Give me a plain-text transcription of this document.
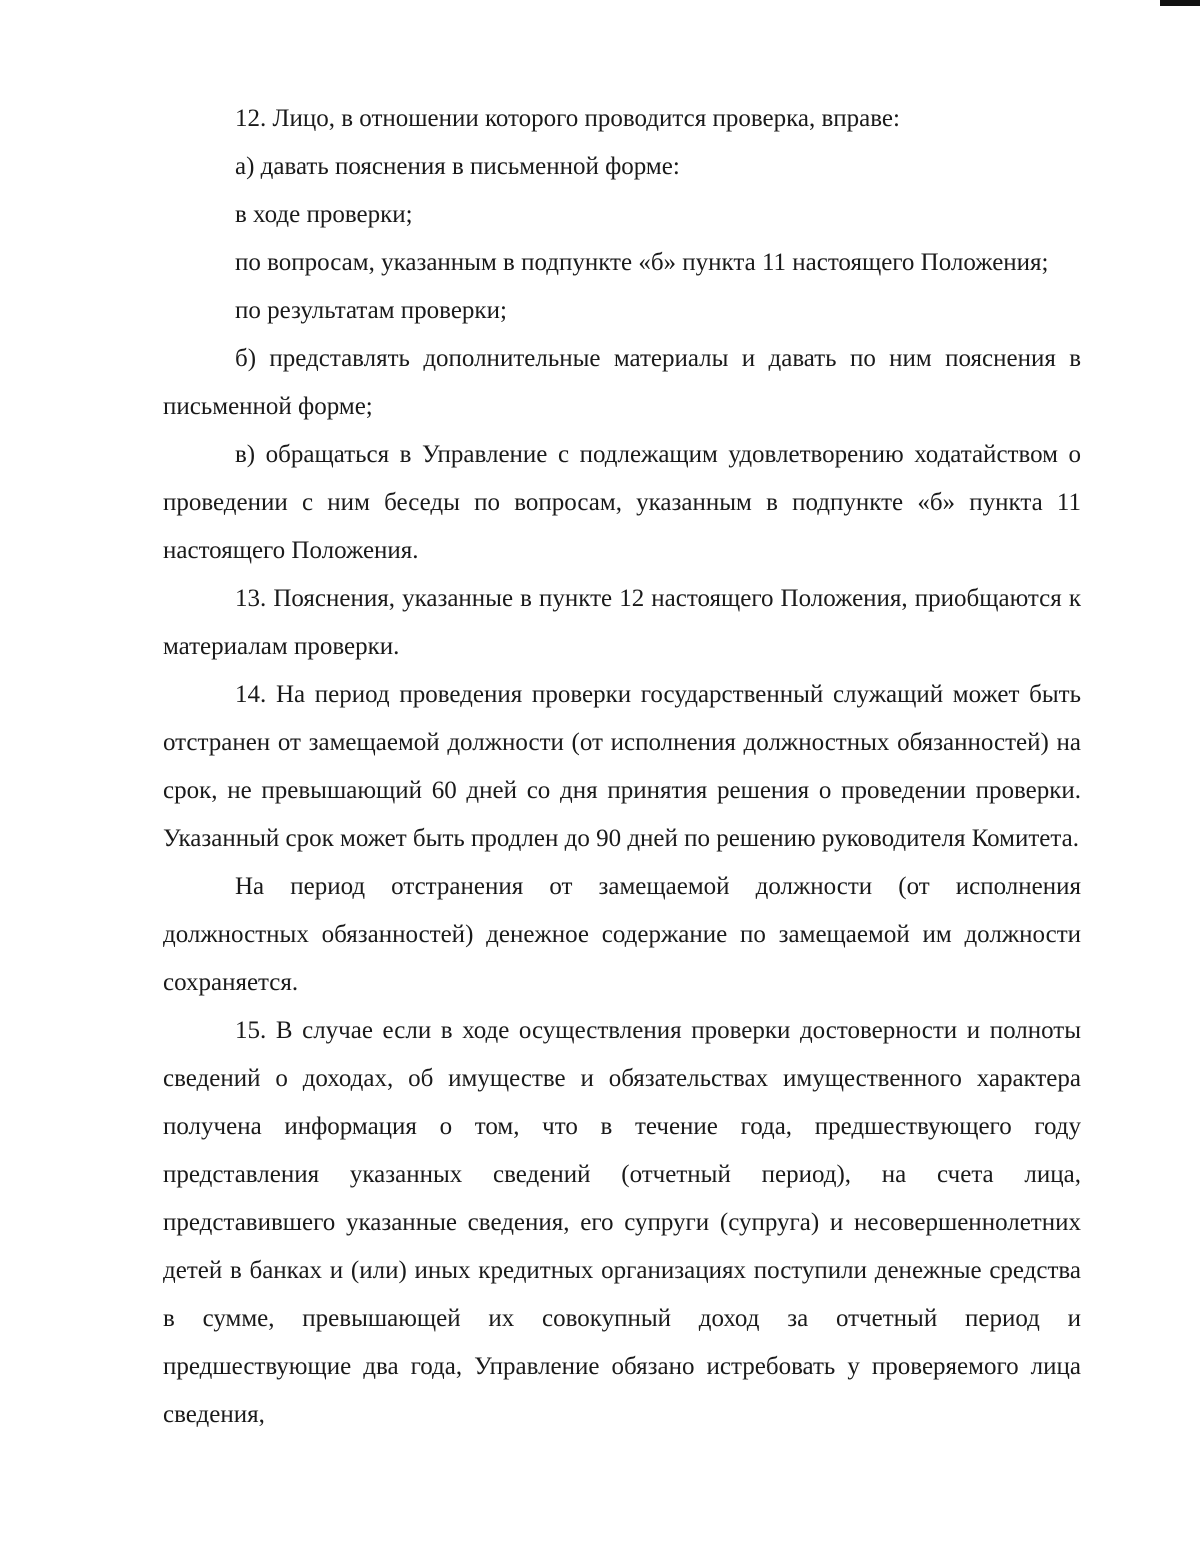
12. Лицо, в отношении которого проводится проверка, вправе:

а) давать пояснения в письменной форме:

в ходе проверки;

по вопросам, указанным в подпункте «б» пункта 11 настоящего Положения;

по результатам проверки;

б) представлять дополнительные материалы и давать по ним пояснения в письменной форме;

в) обращаться в Управление с подлежащим удовлетворению ходатайством о проведении с ним беседы по вопросам, указанным в подпункте «б» пункта 11 настоящего Положения.

13. Пояснения, указанные в пункте 12 настоящего Положения, приобщаются к материалам проверки.

14. На период проведения проверки государственный служащий может быть отстранен от замещаемой должности (от исполнения должностных обязанностей) на срок, не превышающий 60 дней со дня принятия решения о проведении проверки. Указанный срок может быть продлен до 90 дней по решению руководителя Комитета.

На период отстранения от замещаемой должности (от исполнения должностных обязанностей) денежное содержание по замещаемой им должности сохраняется.

15. В случае если в ходе осуществления проверки достоверности и полноты сведений о доходах, об имуществе и обязательствах имущественного характера получена информация о том, что в течение года, предшествующего году представления указанных сведений (отчетный период), на счета лица, представившего указанные сведения, его супруги (супруга) и несовершеннолетних детей в банках и (или) иных кредитных организациях поступили денежные средства в сумме, превышающей их совокупный доход за отчетный период и предшествующие два года, Управление обязано истребовать у проверяемого лица сведения,
